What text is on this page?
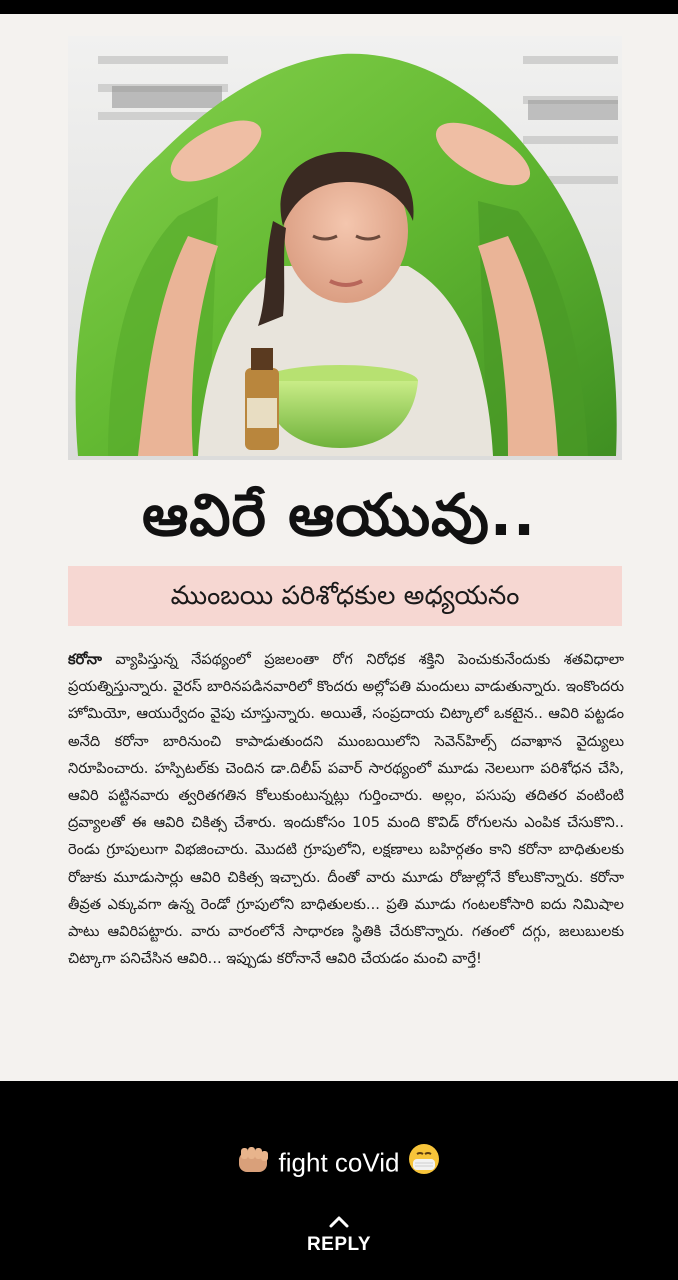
ఆవిరే ఆయువు..
ముంబయి పరిశోధకుల అధ్యయనం
కరోనా వ్యాపిస్తున్న నేపథ్యంలో ప్రజలంతా రోగ నిరోధక శక్తిని పెంచుకునేందుకు శతవిధాలా ప్రయత్నిస్తున్నారు. వైరస్ బారినపడినవారిలో కొందరు అల్లోపతి మందులు వాడుతున్నారు. ఇంకొందరు హోమియో, ఆయుర్వేదం వైపు చూస్తున్నారు. అయితే, సంప్రదాయ చిట్కాలో ఒకటైన.. ఆవిరి పట్టడం అనేది కరోనా బారినుంచి కాపాడుతుందని ముంబయిలోని సెవెన్‌హిల్స్ దవాఖాన వైద్యులు నిరూపించారు. హస్పిటల్‌కు చెందిన డా.దిలీప్ పవార్ సారథ్యంలో మూడు నెలలుగా పరిశోధన చేసి, ఆవిరి పట్టినవారు త్వరితగతిన కోలుకుంటున్నట్లు గుర్తించారు. అల్లం, పసుపు తదితర వంటింటి ద్రవ్యాలతో ఈ ఆవిరి చికిత్స చేశారు. ఇందుకోసం 105 మంది కొవిడ్ రోగులను ఎంపిక చేసుకొని.. రెండు గ్రూపులుగా విభజించారు. మొదటి గ్రూపులోని, లక్షణాలు బహిర్గతం కాని కరోనా బాధితులకు రోజుకు మూడుసార్లు ఆవిరి చికిత్స ఇచ్చారు. దీంతో వారు మూడు రోజుల్లోనే కోలుకొన్నారు. కరోనా తీవ్రత ఎక్కువగా ఉన్న రెండో గ్రూపులోని బాధితులకు... ప్రతి మూడు గంటలకోసారి ఐదు నిమిషాల పాటు ఆవిరిపట్టారు. వారు వారంలోనే సాధారణ స్థితికి చేరుకొన్నారు. గతంలో దగ్గు, జలుబులకు చిట్కాగా పనిచేసిన ఆవిరి... ఇప్పుడు కరోనానే ఆవిరి చేయడం మంచి వార్తే!
fight coVid
REPLY
